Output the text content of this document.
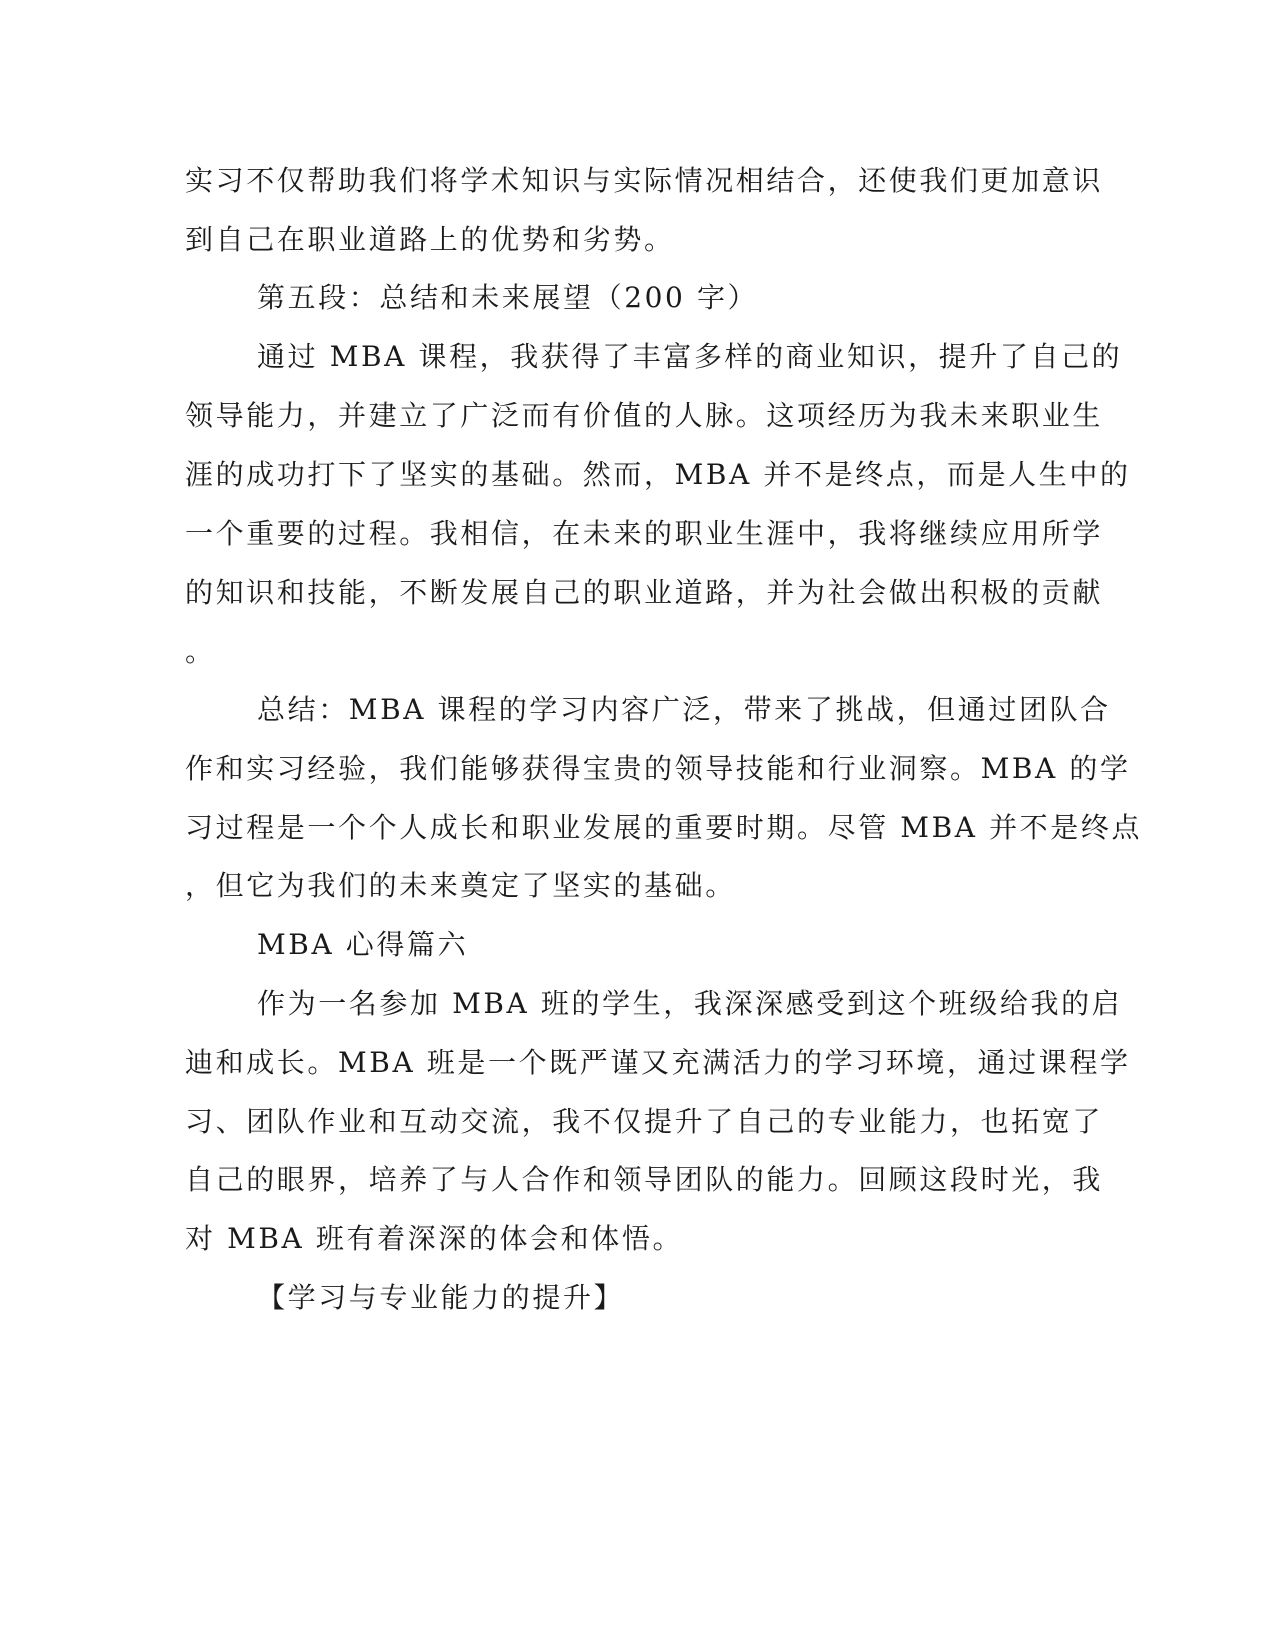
实习不仅帮助我们将学术知识与实际情况相结合，还使我们更加意识
到自己在职业道路上的优势和劣势。
第五段：总结和未来展望（200 字）
通过 MBA 课程，我获得了丰富多样的商业知识，提升了自己的
领导能力，并建立了广泛而有价值的人脉。这项经历为我未来职业生
涯的成功打下了坚实的基础。然而，MBA 并不是终点，而是人生中的
一个重要的过程。我相信，在未来的职业生涯中，我将继续应用所学
的知识和技能，不断发展自己的职业道路，并为社会做出积极的贡献
。
总结：MBA 课程的学习内容广泛，带来了挑战，但通过团队合
作和实习经验，我们能够获得宝贵的领导技能和行业洞察。MBA 的学
习过程是一个个人成长和职业发展的重要时期。尽管 MBA 并不是终点
，但它为我们的未来奠定了坚实的基础。
MBA 心得篇六
作为一名参加 MBA 班的学生，我深深感受到这个班级给我的启
迪和成长。MBA 班是一个既严谨又充满活力的学习环境，通过课程学
习、团队作业和互动交流，我不仅提升了自己的专业能力，也拓宽了
自己的眼界，培养了与人合作和领导团队的能力。回顾这段时光，我
对 MBA 班有着深深的体会和体悟。
【学习与专业能力的提升】
